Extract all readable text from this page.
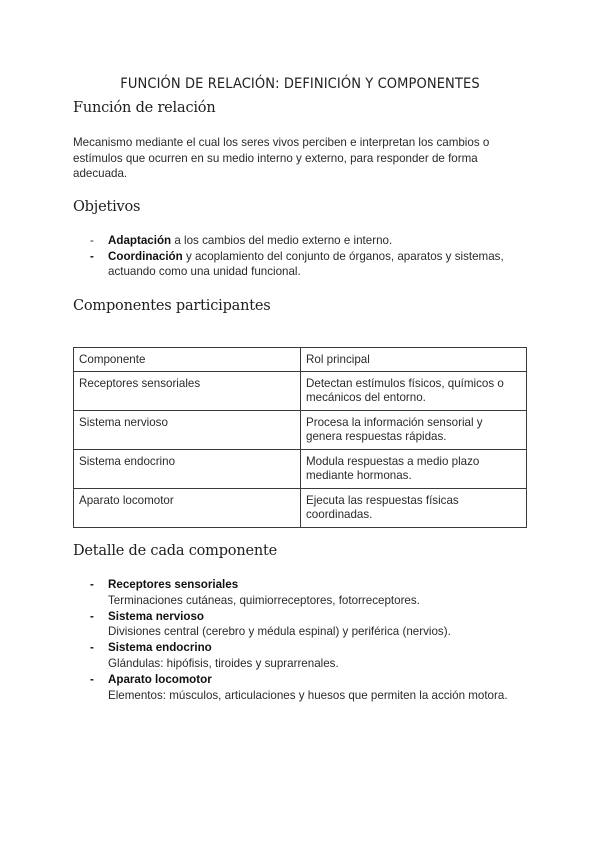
FUNCIÓN DE RELACIÓN: DEFINICIÓN Y COMPONENTES
Función de relación
Mecanismo mediante el cual los seres vivos perciben e interpretan los cambios o estímulos que ocurren en su medio interno y externo, para responder de forma adecuada.
Objetivos
- Adaptación a los cambios del medio externo e interno.
- Coordinación y acoplamiento del conjunto de órganos, aparatos y sistemas, actuando como una unidad funcional.
Componentes participantes
Componente	Rol principal
Receptores sensoriales	Detectan estímulos físicos, químicos o mecánicos del entorno.
Sistema nervioso	Procesa la información sensorial y genera respuestas rápidas.
Sistema endocrino	Modula respuestas a medio plazo mediante hormonas.
Aparato locomotor	Ejecuta las respuestas físicas coordinadas.
Detalle de cada componente
- Receptores sensoriales
Terminaciones cutáneas, quimiorreceptores, fotorreceptores.
- Sistema nervioso
Divisiones central (cerebro y médula espinal) y periférica (nervios).
- Sistema endocrino
Glándulas: hipófisis, tiroides y suprarrenales.
- Aparato locomotor
Elementos: músculos, articulaciones y huesos que permiten la acción motora.
